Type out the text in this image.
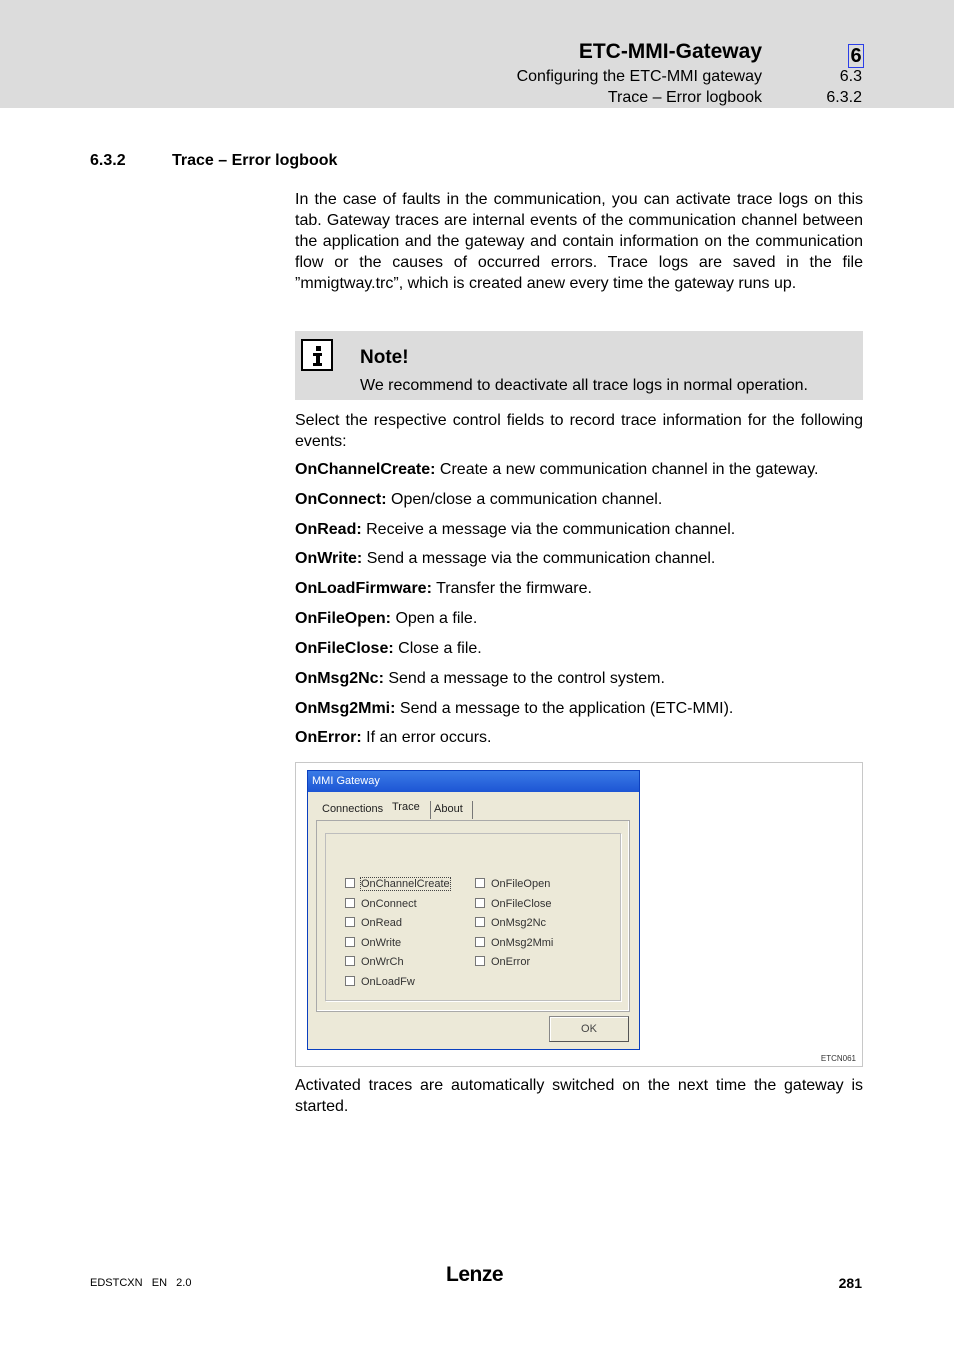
ETC-MMI-Gateway	6
Configuring the ETC-MMI gateway	6.3
Trace – Error logbook	6.3.2
6.3.2	Trace – Error logbook
In the case of faults in the communication, you can activate trace logs on this tab. Gateway traces are internal events of the communication channel between the application and the gateway and contain information on the communication flow or the causes of occurred errors. Trace logs are saved in the file ”mmigtway.trc”, which is created anew every time the gateway runs up.
Note!
We recommend to deactivate all trace logs in normal operation.
Select the respective control fields to record trace information for the following events:
OnChannelCreate: Create a new communication channel in the gateway.
OnConnect: Open/close a communication channel.
OnRead: Receive a message via the communication channel.
OnWrite: Send a message via the communication channel.
OnLoadFirmware: Transfer the firmware.
OnFileOpen: Open a file.
OnFileClose: Close a file.
OnMsg2Nc: Send a message to the control system.
OnMsg2Mmi: Send a message to the application (ETC-MMI).
OnError: If an error occurs.
MMI Gateway
Connections Trace About
OnChannelCreate
OnConnect
OnRead
OnWrite
OnWrCh
OnLoadFw
OnFileOpen
OnFileClose
OnMsg2Nc
OnMsg2Mmi
OnError
OK
ETCN061
Activated traces are automatically switched on the next time the gateway is started.
EDSTCXN   EN   2.0	Lenze	281
